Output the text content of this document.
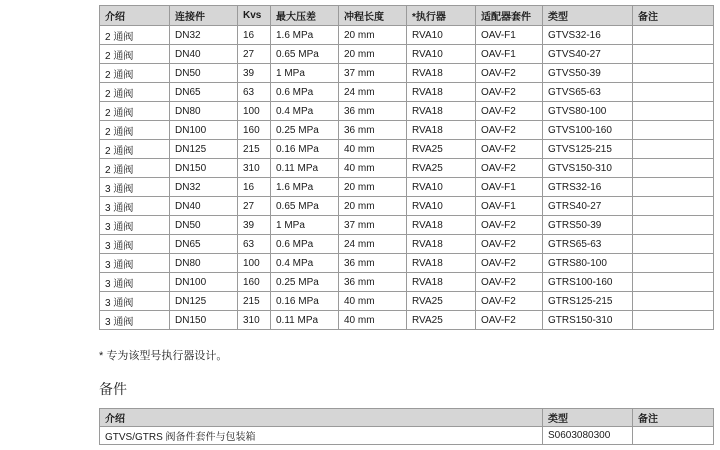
介绍	连接件	Kvs	最大压差	冲程长度	*执行器	适配器套件	类型	备注
2 通阀	DN32	16	1.6 MPa	20 mm	RVA10	OAV-F1	GTVS32-16	
2 通阀	DN40	27	0.65 MPa	20 mm	RVA10	OAV-F1	GTVS40-27	
2 通阀	DN50	39	1 MPa	37 mm	RVA18	OAV-F2	GTVS50-39	
2 通阀	DN65	63	0.6 MPa	24 mm	RVA18	OAV-F2	GTVS65-63	
2 通阀	DN80	100	0.4 MPa	36 mm	RVA18	OAV-F2	GTVS80-100	
2 通阀	DN100	160	0.25 MPa	36 mm	RVA18	OAV-F2	GTVS100-160	
2 通阀	DN125	215	0.16 MPa	40 mm	RVA25	OAV-F2	GTVS125-215	
2 通阀	DN150	310	0.11 MPa	40 mm	RVA25	OAV-F2	GTVS150-310	
3 通阀	DN32	16	1.6 MPa	20 mm	RVA10	OAV-F1	GTRS32-16	
3 通阀	DN40	27	0.65 MPa	20 mm	RVA10	OAV-F1	GTRS40-27	
3 通阀	DN50	39	1 MPa	37 mm	RVA18	OAV-F2	GTRS50-39	
3 通阀	DN65	63	0.6 MPa	24 mm	RVA18	OAV-F2	GTRS65-63	
3 通阀	DN80	100	0.4 MPa	36 mm	RVA18	OAV-F2	GTRS80-100	
3 通阀	DN100	160	0.25 MPa	36 mm	RVA18	OAV-F2	GTRS100-160	
3 通阀	DN125	215	0.16 MPa	40 mm	RVA25	OAV-F2	GTRS125-215	
3 通阀	DN150	310	0.11 MPa	40 mm	RVA25	OAV-F2	GTRS150-310	

* 专为该型号执行器设计。

备件
介绍	类型	备注
GTVS/GTRS 阀备件套件与包装箱	S0603080300	
